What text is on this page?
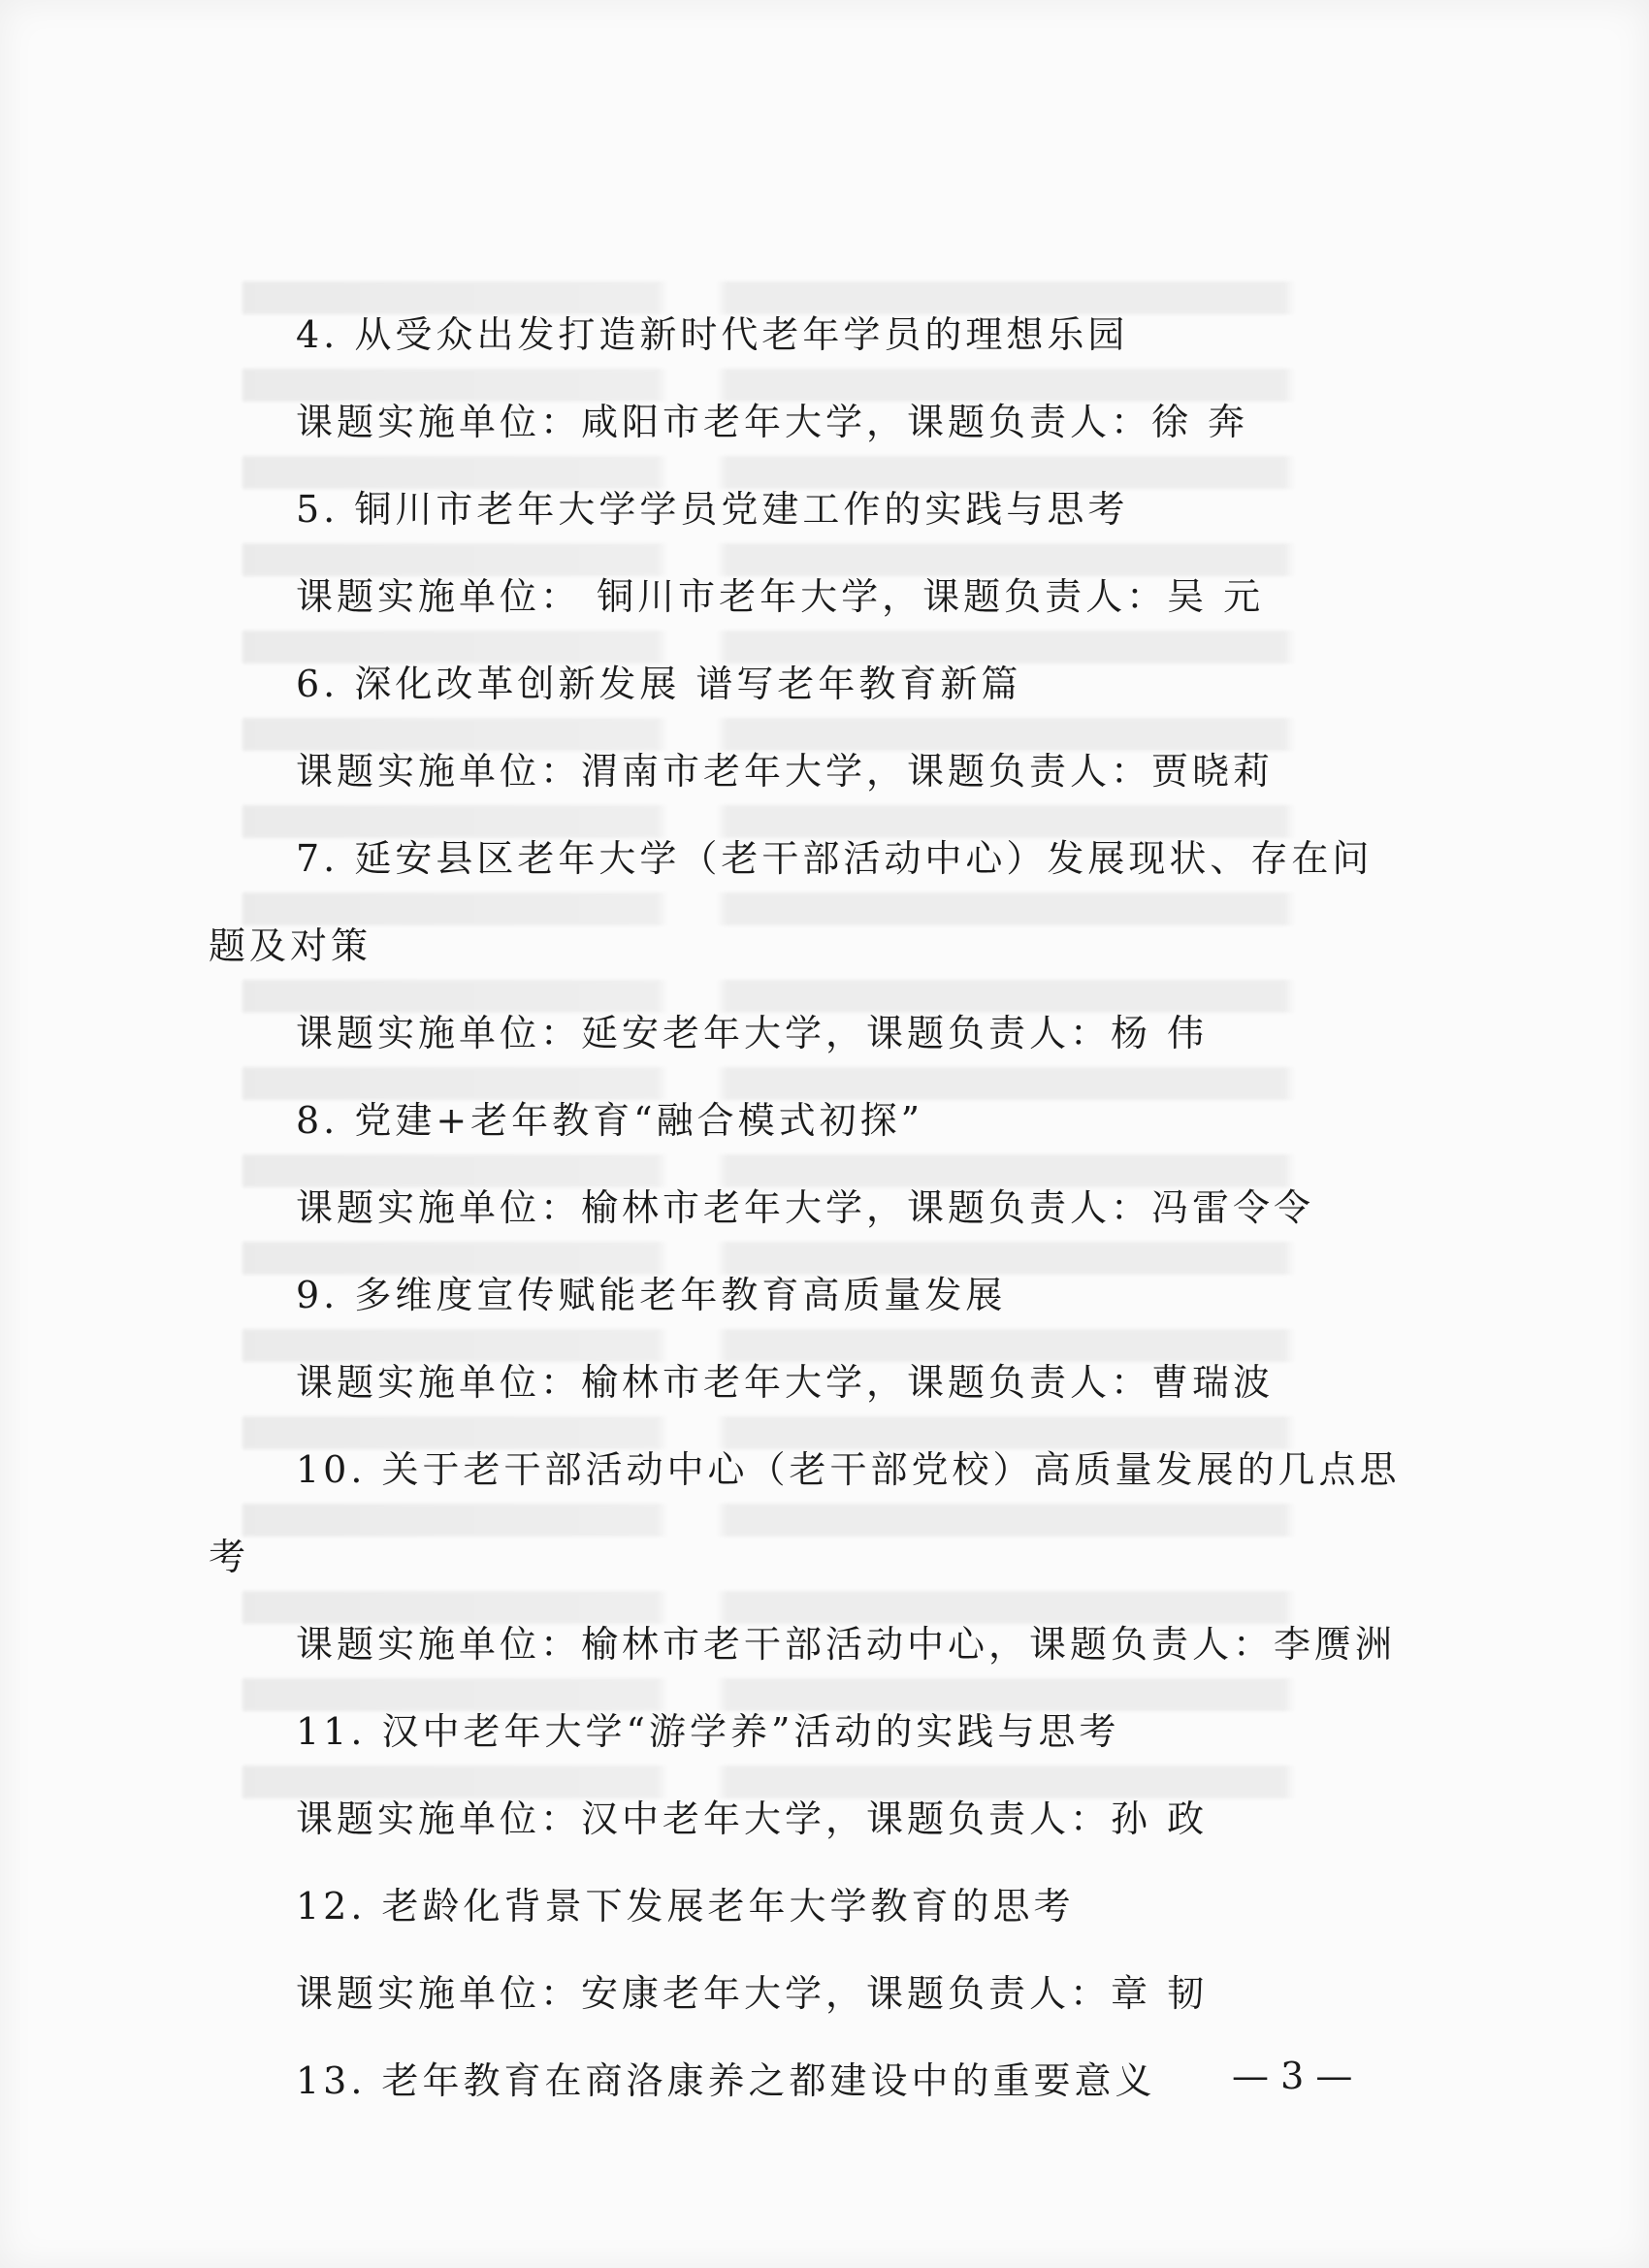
4. 从受众出发打造新时代老年学员的理想乐园
课题实施单位：咸阳市老年大学，课题负责人：徐 奔
5. 铜川市老年大学学员党建工作的实践与思考
课题实施单位： 铜川市老年大学，课题负责人：吴 元
6. 深化改革创新发展 谱写老年教育新篇
课题实施单位：渭南市老年大学，课题负责人：贾晓莉
7. 延安县区老年大学（老干部活动中心）发展现状、存在问
题及对策
课题实施单位：延安老年大学，课题负责人：杨 伟
8. 党建+老年教育“融合模式初探”
课题实施单位：榆林市老年大学，课题负责人：冯雷令令
9. 多维度宣传赋能老年教育高质量发展
课题实施单位：榆林市老年大学，课题负责人：曹瑞波
10. 关于老干部活动中心（老干部党校）高质量发展的几点思
考
课题实施单位：榆林市老干部活动中心，课题负责人：李赝洲
11. 汉中老年大学“游学养”活动的实践与思考
课题实施单位：汉中老年大学，课题负责人：孙 政
12. 老龄化背景下发展老年大学教育的思考
课题实施单位：安康老年大学，课题负责人：章 韧
13. 老年教育在商洛康养之都建设中的重要意义	— 3 —
